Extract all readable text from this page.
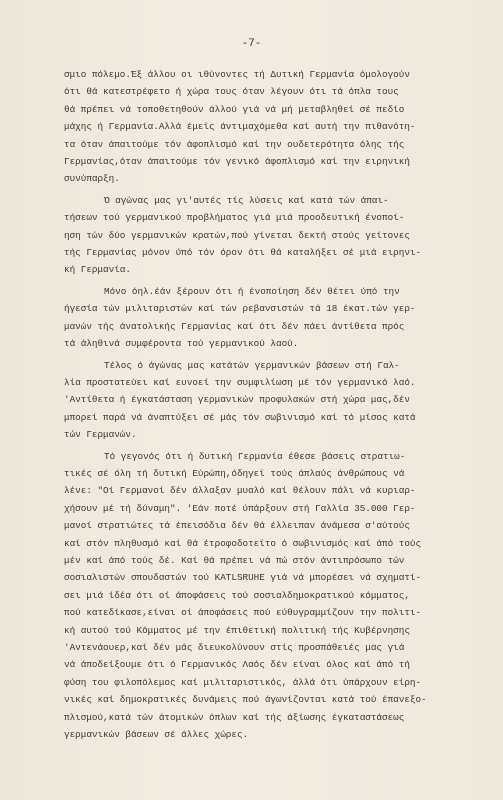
-7-
σμιο πόλεμο.Έξ άλλου οι ιθύνοντες τή Δυτική Γερμανία όμολογούν
ότι θά κατεστρέφετο ή χώρα τους όταν λέγουν ότι τά όπλα τους
θά πρέπει νά τοποθετηθούν άλλού γιά νά μή μεταβληθεί σέ πεδίο
μάχης ή Γερμανία.Αλλά έμεϊς άντιμαχόμεθα καί αυτή την πιθανότη-
τα όταν άπαιτούμε τόν άφοπλισμό καί την ουδετερότητα όλης τής
Γερμανίας,όταν άπαιτούμε τόν γενικό άφοπλισμό καί την ειρηνική
συνύπαρξη.
Ό αγώνας μας γι'αυτές τίς λύσεις καί κατά τών άπαι-
τήσεων τού γερμανικού προβλήματος γιά μιά προοδευτική ένοποί-
ηση τών δύο γερμανικών κρατών,πού γίνεται δεκτή στούς γείτονες
τής Γερμανίας μόνον ύπό τόν όρον ότι θά καταλήξει σέ μιά ειρηνι-
κή Γερμανία.
Μόνο όηλ.έάν ξέρουν ότι ή ένοποίηση δέν θέτει ύπό την
ήγεσία τών μιλιταριστών καί τών ρεβανσιστών τά 18 έκατ.τών γερ-
μανών τής άνατολικής Γερμανίας καί ότι δέν πάει άντίθετα πρός
τά άληθινά συμφέροντα τού γερμανικού λαού.
Τέλος ό άγώνας μας κατάτών γερμανικών βάσεων στή Γαλ-
λία προστατεύει καί ευνοεί την συμφιλίωση μέ τόν γερμανικό λαό.
'Αντίθετα ή έγκατάσταση γερμανικών προφυλακών στή χώρα μας,δέν
μπορεί παρά νά άναπτύξει σέ μάς τόν σωβινισμό καί τό μίσος κατά
τών Γερμανών.
Τό γεγονός ότι ή δυτική Γερμανία έθεσε βάσεις στρατιω-
τικές σέ όλη τή δυτική Εύρώπη,όδηγεϊ τούς άπλαύς άνθρώπους νά
λένε: "Οί Γερμανοί δέν άλλαξαν μυαλό καί θέλουν πάλι νά κυριαρ-
χήσουν μέ τή δύναμη". 'Εάν ποτέ ύπάρξουν στή Γαλλία 35.000 Γερ-
μανοί στρατιώτες τά έπεισόδια δέν θά έλλειπαν άνάμεσα σ'αύτούς
καί στόν πληθυσμό καί θά έτροφοδοτεϊτο ό σωβινισμός καί άπό τούς
μέν καί άπό τούς δέ. Καί θά πρέπει νά πώ στόν άντιπρόσωπο τών
σοσιαλιστών σπουδαστών τού KATLSRUHE γιά νά μπορέσει νά σχηματί-
σει μιά ίδέα ότι οί άποφάσεις τού σοσιαλδημοκρατικού κόμματος,
πού κατεδίκασε,είναι οί άποφάσεις πού εύθυγραμμίζουν την πολιτι-
κή αυτού τού Κόμματος μέ την έπιθετική πολιτική τής Κυβέρνησης
'Αντενάουερ,καί δέν μάς διευκολύνουν στίς προσπάθειές μας γιά
νά άποδείξουμε ότι ό Γερμανικός Λαός δέν είναι όλος καί άπό τή
φύση του φιλοπόλεμος καί μιλιταριστικός, άλλά ότι ύπάρχουν είρη-
νικές καί δημοκρατικές δυνάμεις πού άγωνίζονται κατά τού έπανεξο-
πλισμού,κατά τών άτομικών όπλων καί τής άξίωσης έγκαταστάσεως
γερμανικών βάσεων σέ άλλες χώρες.
